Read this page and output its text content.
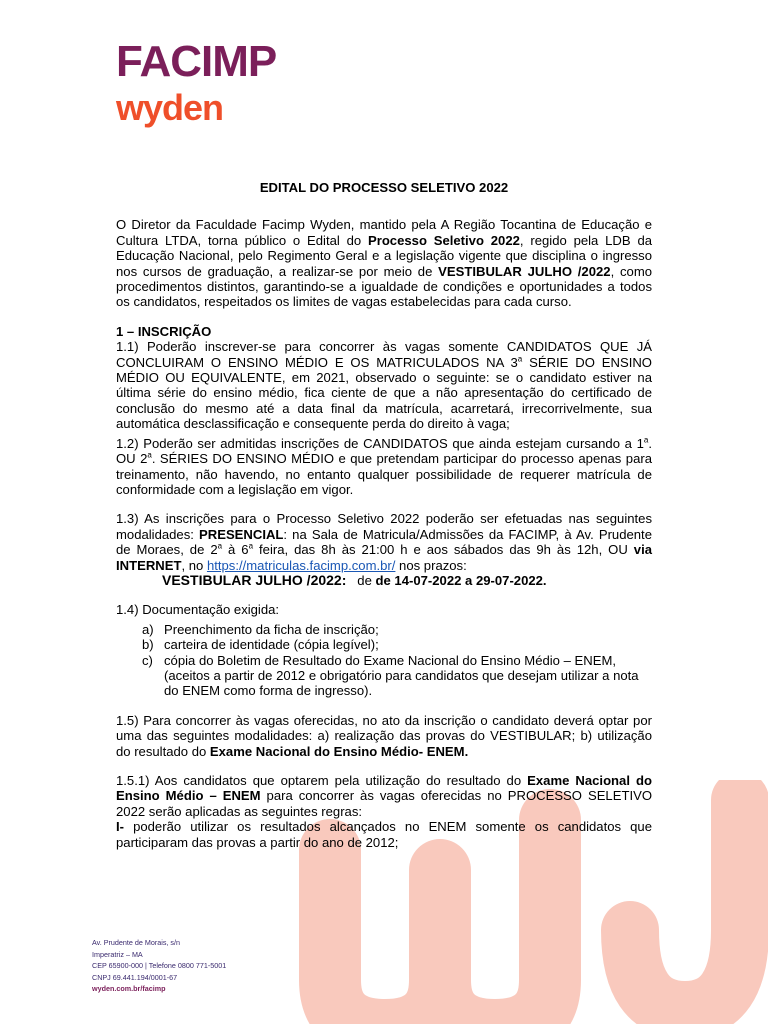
FACIMP
wyden
EDITAL DO PROCESSO SELETIVO 2022
O Diretor da Faculdade Facimp Wyden, mantido pela A Região Tocantina de Educação e Cultura LTDA, torna público o Edital do Processo Seletivo 2022, regido pela LDB da Educação Nacional, pelo Regimento Geral e a legislação vigente que disciplina o ingresso nos cursos de graduação, a realizar-se por meio de VESTIBULAR JULHO /2022, como procedimentos distintos, garantindo-se a igualdade de condições e oportunidades a todos os candidatos, respeitados os limites de vagas estabelecidas para cada curso.
1 – INSCRIÇÃO
1.1) Poderão inscrever-se para concorrer às vagas somente CANDIDATOS QUE JÁ CONCLUIRAM O ENSINO MÉDIO E OS MATRICULADOS NA 3$^a$ SÉRIE DO ENSINO MÉDIO OU EQUIVALENTE, em 2021, observado o seguinte: se o candidato estiver na última série do ensino médio, fica ciente de que a não apresentação do certificado de conclusão do mesmo até a data final da matrícula, acarretará, irrecorrivelmente, sua automática desclassificação e consequente perda do direito à vaga;
1.2) Poderão ser admitidas inscrições de CANDIDATOS que ainda estejam cursando a 1$^a$. OU 2$^a$. SÉRIES DO ENSINO MÉDIO e que pretendam participar do processo apenas para treinamento, não havendo, no entanto qualquer possibilidade de requerer matrícula de conformidade com a legislação em vigor.
1.3) As inscrições para o Processo Seletivo 2022 poderão ser efetuadas nas seguintes modalidades: PRESENCIAL: na Sala de Matricula/Admissões da FACIMP, à Av. Prudente de Moraes, de 2$^a$ à 6$^a$ feira, das 8h às 21:00 h e aos sábados das 9h às 12h, OU via INTERNET, no https://matriculas.facimp.com.br/ nos prazos:
VESTIBULAR JULHO /2022: de de 14-07-2022 a 29-07-2022.
1.4) Documentação exigida:
a) Preenchimento da ficha de inscrição;
b) carteira de identidade (cópia legível);
c) cópia do Boletim de Resultado do Exame Nacional do Ensino Médio – ENEM, (aceitos a partir de 2012 e obrigatório para candidatos que desejam utilizar a nota do ENEM como forma de ingresso).
1.5) Para concorrer às vagas oferecidas, no ato da inscrição o candidato deverá optar por uma das seguintes modalidades: a) realização das provas do VESTIBULAR; b) utilização do resultado do Exame Nacional do Ensino Médio- ENEM.
1.5.1) Aos candidatos que optarem pela utilização do resultado do Exame Nacional do Ensino Médio – ENEM para concorrer às vagas oferecidas no PROCESSO SELETIVO 2022 serão aplicadas as seguintes regras:
I- poderão utilizar os resultados alcançados no ENEM somente os candidatos que participaram das provas a partir do ano de 2012;
Av. Prudente de Morais, s/n
Imperatriz – MA
CEP 65900-000 | Telefone 0800 771-5001
CNPJ 69.441.194/0001-67
wyden.com.br/facimp
